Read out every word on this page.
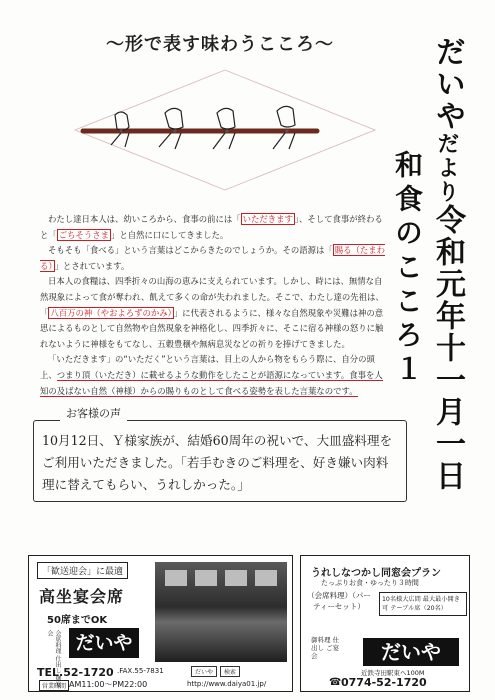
～形で表す味わうこころ～	だいやだより令和元年十一月一日
和食のこころ１

わたし達日本人は、幼いころから、食事の前には「 いただきます 」、そして食事が終わると「 ごちそうさま 」と自然に口にしてきました。

そもそも「食べる」という言葉はどこからきたのでしょうか。その語源は「 賜る（たまわる） 」とされています。

日本人の食糧は、四季折々の山海の恵みに支えられています。しかし、時には、無情な自然現象によって食が奪われ、飢えて多くの命が失われました。そこで、わたし達の先祖は、「 八百万の神（やおよろずのかみ） 」に代表されるように、様々な自然現象や災難は神の意思によるものとして自然物や自然現象を神格化し、四季折々に、そこに宿る神様の怒りに触れないように神様をもてなし、五穀豊穣や無病息災などの祈りを捧げてきました。

「いただきます」の“いただく”という言葉は、目上の人から物をもらう際に、自分の頭上、つまり頂（いただき）に載せるような動作をしたことが語源になっています。食事を人知の及ばない自然（神様）からの賜りものとして食べる姿勢を表した言葉なのです。

お客様の声
10月12日、Ｙ様家族が、結婚60周年の祝いで、大皿盛料理をご利用いただきました。「若手むきのご料理を、好き嫌い肉料理に替えてもらい、うれしかった。」
「歓送迎会」に最適
高坐宴会席
50席までOK
会席料理 仕出し 御宴会	だいや
TEL.52-1720 .FAX.55-7831
営業時間 AM11:00～PM22:00
だいや	検索
http://www.daiya01.jp/
うれしなつかし同窓会プラン
たっぷりお食・ゆったり３時間
（会席料理）（パーティーセット）
10名様大広間 最大最小開き可 テーブル席（20名）
御料理 仕出し ご宴会	だいや
近鉄寺田駅東へ100M
☎ 0774-52-1720
